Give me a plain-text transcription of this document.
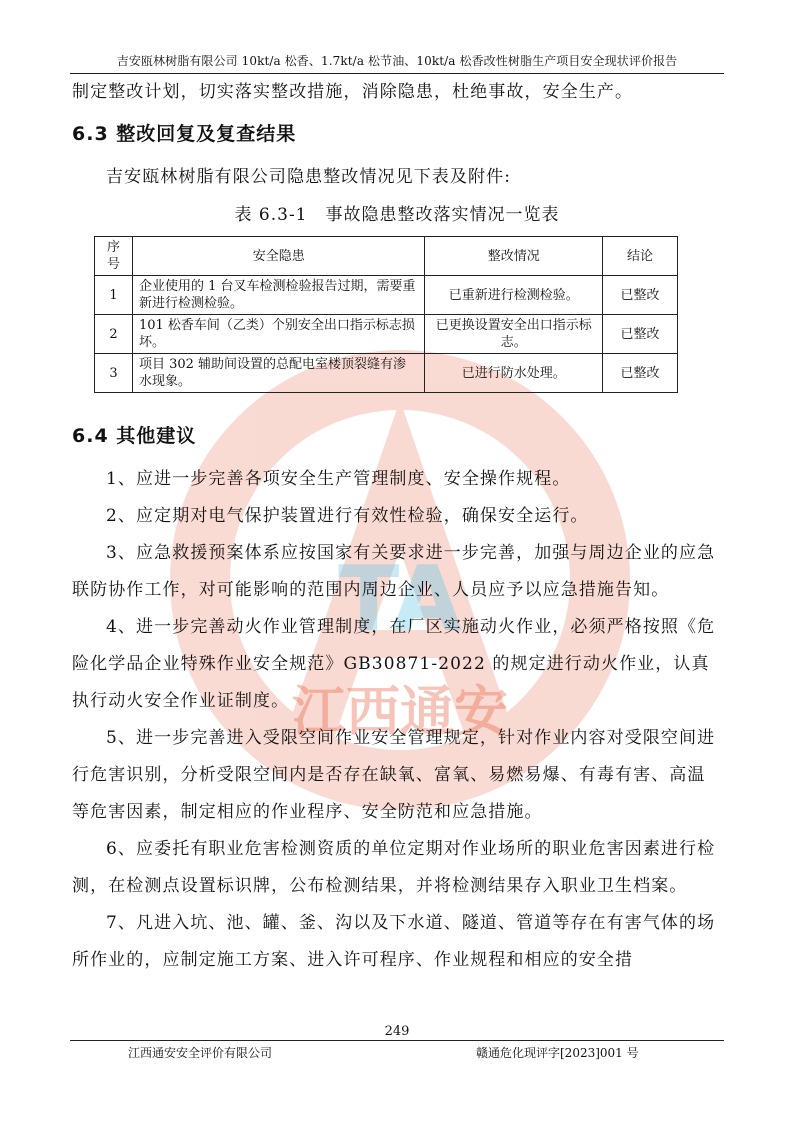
TA
江西通安
吉安瓯林树脂有限公司 10kt/a 松香、1.7kt/a 松节油、10kt/a 松香改性树脂生产项目安全现状评价报告

制定整改计划，切实落实整改措施，消除隐患，杜绝事故，安全生产。

6.3 整改回复及复查结果

吉安瓯林树脂有限公司隐患整改情况见下表及附件:

表 6.3-1　事故隐患整改落实情况一览表
序号	安全隐患	整改情况	结论
1	企业使用的 1 台叉车检测检验报告过期，需要重新进行检测检验。	已重新进行检测检验。	已整改
2	101 松香车间（乙类）个别安全出口指示标志损坏。	已更换设置安全出口指示标志。	已整改
3	项目 302 辅助间设置的总配电室楼顶裂缝有渗水现象。	已进行防水处理。	已整改
6.4 其他建议

1、应进一步完善各项安全生产管理制度、安全操作规程。

2、应定期对电气保护装置进行有效性检验，确保安全运行。

3、应急救援预案体系应按国家有关要求进一步完善，加强与周边企业的应急联防协作工作，对可能影响的范围内周边企业、人员应予以应急措施告知。

4、进一步完善动火作业管理制度，在厂区实施动火作业，必须严格按照《危险化学品企业特殊作业安全规范》GB30871-2022 的规定进行动火作业，认真执行动火安全作业证制度。

5、进一步完善进入受限空间作业安全管理规定，针对作业内容对受限空间进行危害识别，分析受限空间内是否存在缺氧、富氧、易燃易爆、有毒有害、高温等危害因素，制定相应的作业程序、安全防范和应急措施。

6、应委托有职业危害检测资质的单位定期对作业场所的职业危害因素进行检测，在检测点设置标识牌，公布检测结果，并将检测结果存入职业卫生档案。

7、凡进入坑、池、罐、釜、沟以及下水道、隧道、管道等存在有害气体的场所作业的，应制定施工方案、进入许可程序、作业规程和相应的安全措

249
江西通安安全评价有限公司	赣通危化现评字[2023]001 号
